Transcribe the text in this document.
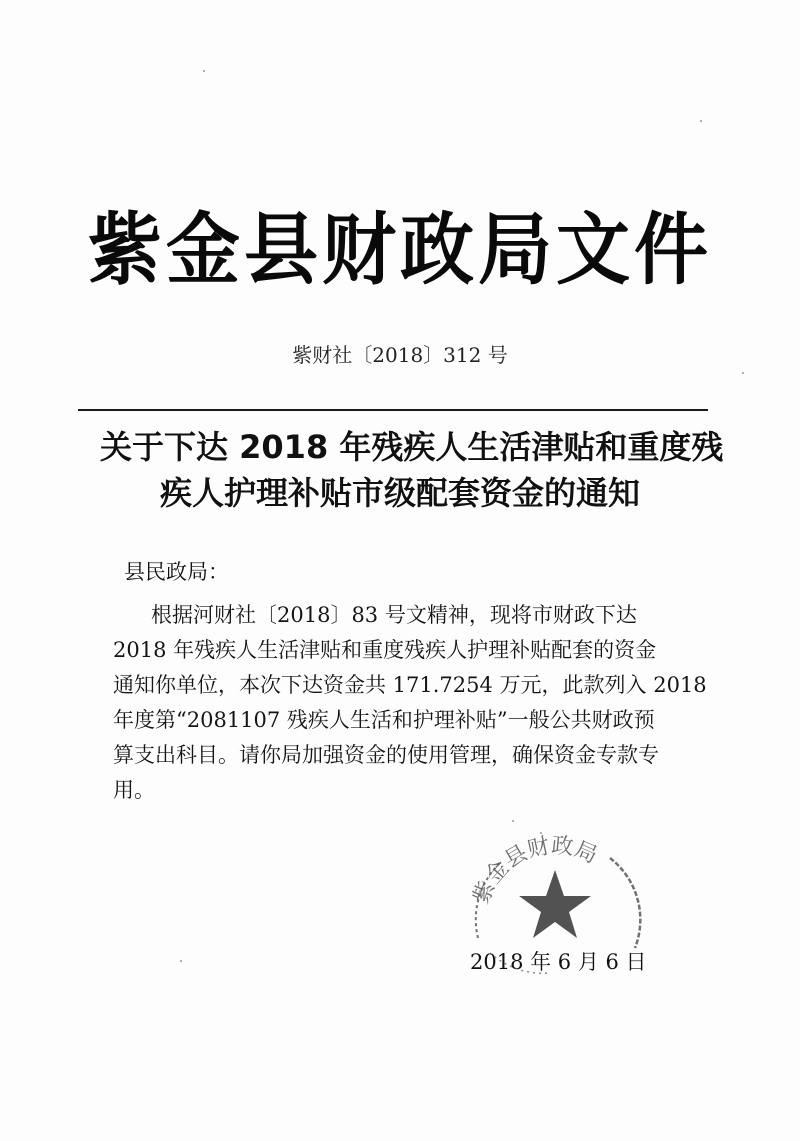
紫金县财政局文件
紫财社〔2018〕312 号
关于下达 2018 年残疾人生活津贴和重度残
疾人护理补贴市级配套资金的通知
县民政局：
根据河财社〔2018〕83 号文精神，现将市财政下达
2018 年残疾人生活津贴和重度残疾人护理补贴配套的资金
通知你单位，本次下达资金共 171.7254 万元，此款列入 2018
年度第“2081107 残疾人生活和护理补贴”一般公共财政预
算支出科目。请你局加强资金的使用管理，确保资金专款专
用。
2018 年 6 月 6 日
紫金县财政局
